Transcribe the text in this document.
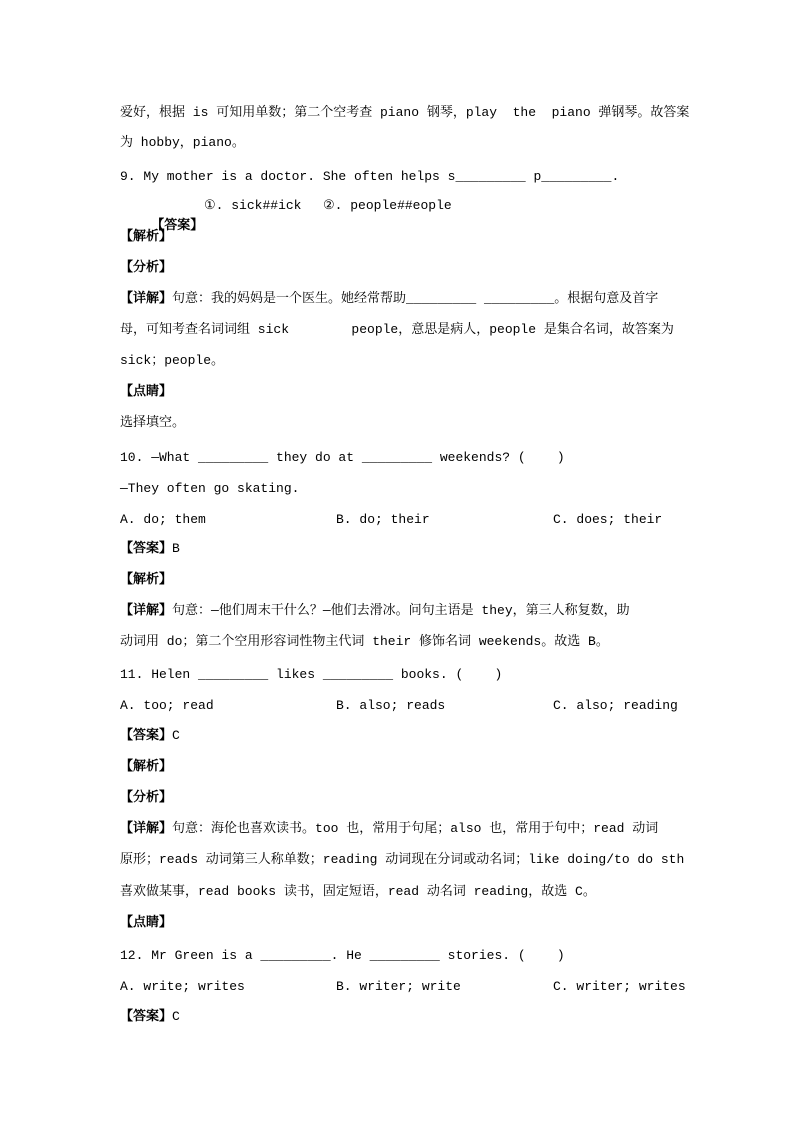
爱好，根据 is 可知用单数；第二个空考查 piano 钢琴，play  the  piano 弹钢琴。故答案
为 hobby，piano。
9. My mother is a doctor. She often helps s_________ p_________.

【答案】

①. sick##ick

②. people##eople

【解析】
【分析】
【详解】句意：我的妈妈是一个医生。她经常帮助_________ _________。根据句意及首字
母，可知考查名词词组 sick        people，意思是病人，people 是集合名词，故答案为
sick；people。
【点睛】
选择填空。
10. —What _________ they do at _________ weekends? (    )
—They often go skating.

A. do; them

	B. do; their

	C. does; their

【答案】B
【解析】
【详解】句意：—他们周末干什么？—他们去滑冰。问句主语是 they，第三人称复数，助
动词用 do；第二个空用形容词性物主代词 their 修饰名词 weekends。故选 B。
11. Helen _________ likes _________ books. (    )

A. too; read

	B. also; reads

	C. also; reading

【答案】C
【解析】
【分析】
【详解】句意：海伦也喜欢读书。too 也，常用于句尾；also 也，常用于句中；read 动词
原形；reads 动词第三人称单数；reading 动词现在分词或动名词；like doing/to do sth
喜欢做某事，read books 读书，固定短语，read 动名词 reading，故选 C。
【点睛】
12. Mr Green is a _________. He _________ stories. (    )

A. write; writes

	B. writer; write

	C. writer; writes

【答案】C
